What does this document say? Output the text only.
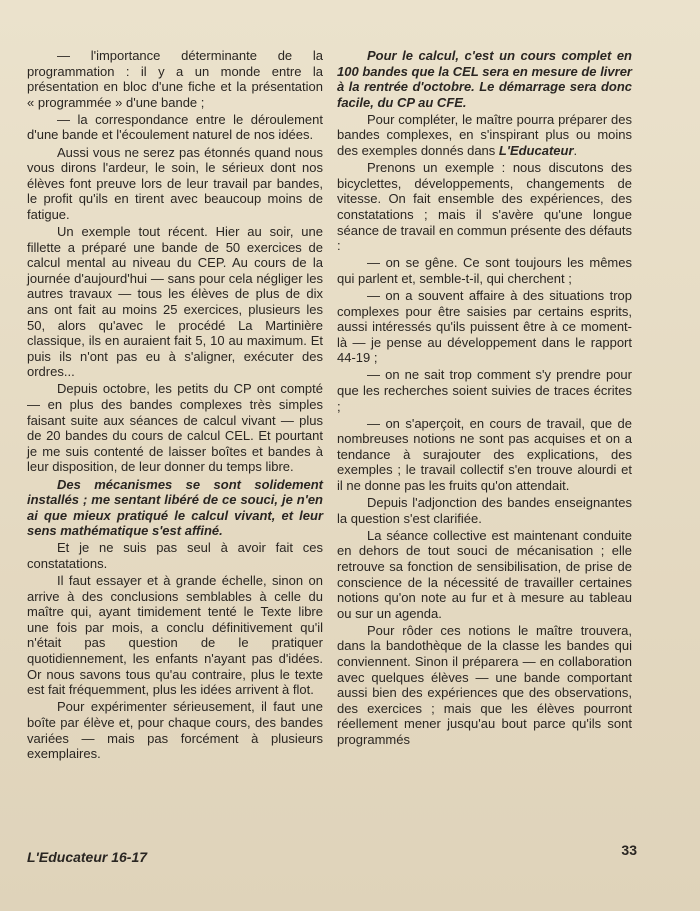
— l'importance déterminante de la programmation : il y a un monde entre la présentation en bloc d'une fiche et la présentation « programmée » d'une bande ;

— la correspondance entre le déroulement d'une bande et l'écoulement naturel de nos idées.

Aussi vous ne serez pas étonnés quand nous vous dirons l'ardeur, le soin, le sérieux dont nos élèves font preuve lors de leur travail par bandes, le profit qu'ils en tirent avec beaucoup moins de fatigue.

Un exemple tout récent. Hier au soir, une fillette a préparé une bande de 50 exercices de calcul mental au niveau du CEP. Au cours de la journée d'aujourd'hui — sans pour cela négliger les autres travaux — tous les élèves de plus de dix ans ont fait au moins 25 exercices, plusieurs les 50, alors qu'avec le procédé La Martinière classique, ils en auraient fait 5, 10 au maximum. Et puis ils n'ont pas eu à s'aligner, exécuter des ordres...

Depuis octobre, les petits du CP ont compté — en plus des bandes complexes très simples faisant suite aux séances de calcul vivant — plus de 20 bandes du cours de calcul CEL. Et pourtant je me suis contenté de laisser boîtes et bandes à leur disposition, de leur donner du temps libre.

Des mécanismes se sont solidement installés ; me sentant libéré de ce souci, je n'en ai que mieux pratiqué le calcul vivant, et leur sens mathématique s'est affiné.

Et je ne suis pas seul à avoir fait ces constatations.

Il faut essayer et à grande échelle, sinon on arrive à des conclusions semblables à celle du maître qui, ayant timidement tenté le Texte libre une fois par mois, a conclu définitivement qu'il n'était pas question de le pratiquer quotidiennement, les enfants n'ayant pas d'idées. Or nous savons tous qu'au contraire, plus le texte est fait fréquemment, plus les idées arrivent à flot.

Pour expérimenter sérieusement, il faut une boîte par élève et, pour chaque cours, des bandes variées — mais pas forcément à plusieurs exemplaires.

Pour le calcul, c'est un cours complet en 100 bandes que la CEL sera en mesure de livrer à la rentrée d'octobre. Le démarrage sera donc facile, du CP au CFE.

Pour compléter, le maître pourra préparer des bandes complexes, en s'inspirant plus ou moins des exemples donnés dans L'Educateur.

Prenons un exemple : nous discutons des bicyclettes, développements, changements de vitesse. On fait ensemble des expériences, des constatations ; mais il s'avère qu'une longue séance de travail en commun présente des défauts :

— on se gêne. Ce sont toujours les mêmes qui parlent et, semble-t-il, qui cherchent ;

— on a souvent affaire à des situations trop complexes pour être saisies par certains esprits, aussi intéressés qu'ils puissent être à ce moment-là — je pense au développement dans le rapport 44-19 ;

— on ne sait trop comment s'y prendre pour que les recherches soient suivies de traces écrites ;

— on s'aperçoit, en cours de travail, que de nombreuses notions ne sont pas acquises et on a tendance à surajouter des explications, des exemples ; le travail collectif s'en trouve alourdi et il ne donne pas les fruits qu'on attendait.

Depuis l'adjonction des bandes enseignantes la question s'est clarifiée.

La séance collective est maintenant conduite en dehors de tout souci de mécanisation ; elle retrouve sa fonction de sensibilisation, de prise de conscience de la nécessité de travailler certaines notions qu'on note au fur et à mesure au tableau ou sur un agenda.

Pour rôder ces notions le maître trouvera, dans la bandothèque de la classe les bandes qui conviennent. Sinon il préparera — en collaboration avec quelques élèves — une bande comportant aussi bien des expériences que des observations, des exercices ; mais que les élèves pourront réellement mener jusqu'au bout parce qu'ils sont programmés

L'Educateur 16-17	33
